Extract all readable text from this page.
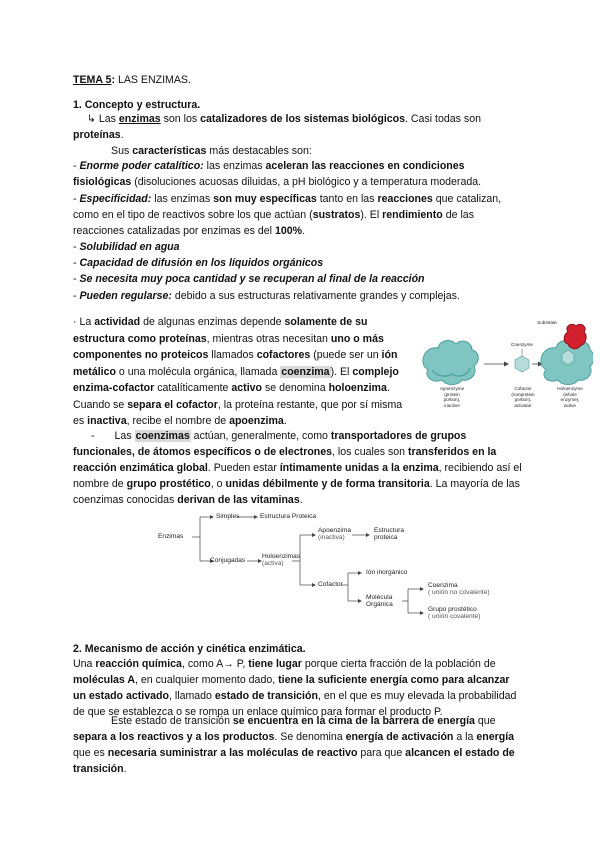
TEMA 5: LAS ENZIMAS.
1. Concepto y estructura.
↳ Las enzimas son los catalizadores de los sistemas biológicos. Casi todas son proteínas.
Sus características más destacables son:
- Enorme poder catalítico: las enzimas aceleran las reacciones en condiciones fisiológicas (disoluciones acuosas diluidas, a pH biológico y a temperatura moderada.
- Especificidad: las enzimas son muy específicas tanto en las reacciones que catalizan, como en el tipo de reactivos sobre los que actúan (sustratos). El rendimiento de las reacciones catalizadas por enzimas es del 100%.
- Solubilidad en agua
- Capacidad de difusión en los líquidos orgánicos
- Se necesita muy poca cantidad y se recuperan al final de la reacción
- Pueden regularse: debido a sus estructuras relativamente grandes y complejas.
· La actividad de algunas enzimas depende solamente de su estructura como proteínas, mientras otras necesitan uno o más componentes no proteicos llamados cofactores (puede ser un ión metálico o una molécula orgánica, llamada coenzima). El complejo enzima-cofactor catalíticamente activo se denomina holoenzima. Cuando se separa el cofactor, la proteína restante, que por sí misma es inactiva, recibe el nombre de apoenzima.
Substrate
Coenzyme
Apoenzyme
(protein
portion),
inactive
Cofactor
(nonprotein
portion),
activator
Holoenzyme
(whole
enzyme),
active
- Las coenzimas actúan, generalmente, como transportadores de grupos funcionales, de átomos específicos o de electrones, los cuales son transferidos en la reacción enzimática global. Pueden estar íntimamente unidas a la enzima, recibiendo así el nombre de grupo prostético, o unidas débilmente y de forma transitoria. La mayoría de las coenzimas conocidas derivan de las vitaminas.
Enzimas
Simples	Estructura Proteica
Conjugadas
Holoenzimas
(activa)
Apoenzima
(inactiva)
Estructura
proteica
Cofactor
Ión inorgánico
Molécula
Orgánica
Coenzima
( unión no covalente)
Grupo prostético
( unión covalente)
2. Mecanismo de acción y cinética enzimática.
Una reacción química, como A→ P, tiene lugar porque cierta fracción de la población de moléculas A, en cualquier momento dado, tiene la suficiente energía como para alcanzar un estado activado, llamado estado de transición, en el que es muy elevada la probabilidad de que se establezca o se rompa un enlace químico para formar el producto P.
Este estado de transición se encuentra en la cima de la barrera de energía que separa a los reactivos y a los productos. Se denomina energía de activación a la energía que es necesaria suministrar a las moléculas de reactivo para que alcancen el estado de transición.
